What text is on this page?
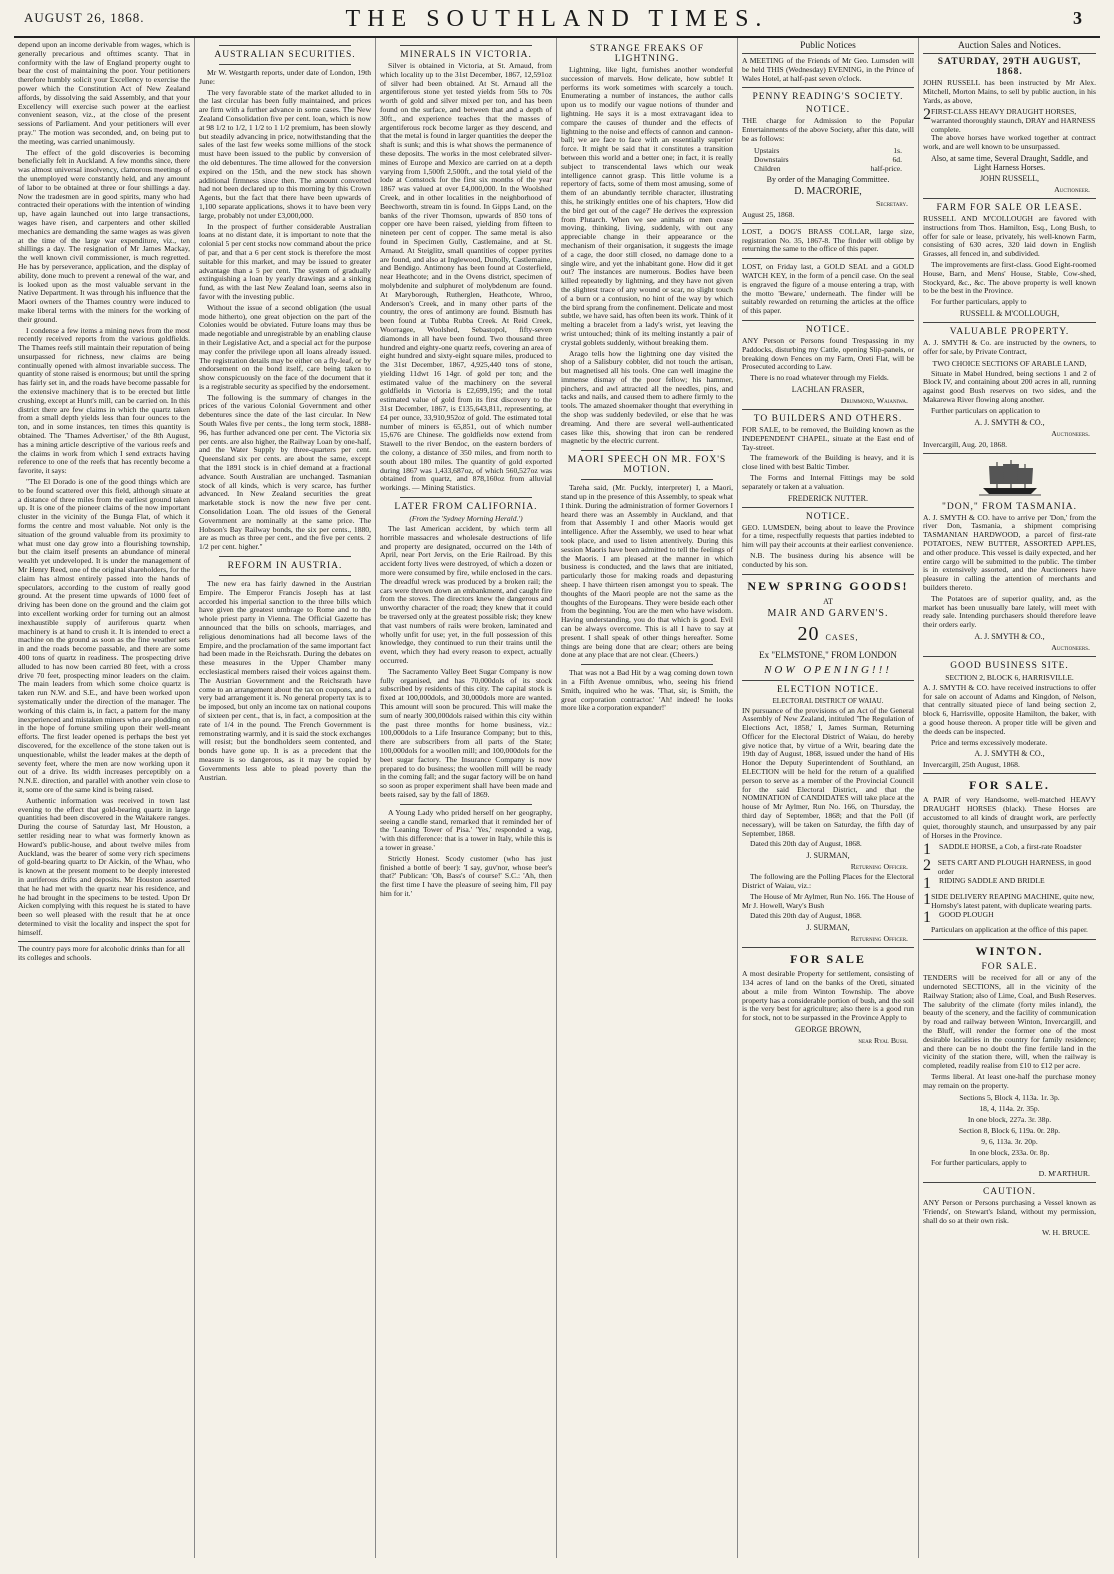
AUGUST 26, 1868.	THE SOUTHLAND TIMES.	3

depend upon an income derivable from wages, which is generally precarious and ofttimes scanty. That in conformity with the law of England property ought to bear the cost of maintaining the poor. Your petitioners therefore humbly solicit your Excellency to exercise the power which the Constitution Act of New Zealand affords, by dissolving the said Assembly, and that your Excellency will exercise such power at the earliest convenient season, viz., at the close of the present sessions of Parliament. And your petitioners will ever pray." The motion was seconded, and, on being put to the meeting, was carried unanimously.

The effect of the gold discoveries is becoming beneficially felt in Auckland. A few months since, there was almost universal insolvency, clamorous meetings of the unemployed were constantly held, and any amount of labor to be obtained at three or four shillings a day. Now the tradesmen are in good spirits, many who had contracted their operations with the intention of winding up, have again launched out into large transactions, wages have risen, and carpenters and other skilled mechanics are demanding the same wages as was given at the time of the large war expenditure, viz., ten shillings a day. The resignation of Mr James Mackay, the well known civil commissioner, is much regretted. He has by perseverance, application, and the display of ability, done much to prevent a renewal of the war, and is looked upon as the most valuable servant in the Native Department. It was through his influence that the Maori owners of the Thames country were induced to make liberal terms with the miners for the working of their ground.

I condense a few items a mining news from the most recently received reports from the various goldfields. The Thames reefs still maintain their reputation of being unsurpassed for richness, new claims are being continually opened with almost invariable success. The quantity of stone raised is enormous; but until the spring has fairly set in, and the roads have become passable for the extensive machinery that is to be erected but little crushing, except at Hunt's mill, can be carried on. In this district there are few claims in which the quartz taken from a small depth yields less than four ounces to the ton, and in some instances, ten times this quantity is obtained. The 'Thames Advertiser,' of the 8th August, has a mining article descriptive of the various reefs and the claims in work from which I send extracts having reference to one of the reefs that has recently become a favorite, it says:

"The El Dorado is one of the good things which are to be found scattered over this field, although situate at a distance of three miles from the earliest ground taken up. It is one of the pioneer claims of the now important cluster in the vicinity of the Bunga Flat, of which it forms the centre and most valuable. Not only is the situation of the ground valuable from its proximity to what must one day grow into a flourishing township, but the claim itself presents an abundance of mineral wealth yet undeveloped. It is under the management of Mr Henry Reed, one of the original shareholders, for the claim has almost entirely passed into the hands of speculators, according to the custom of really good ground. At the present time upwards of 1000 feet of driving has been done on the ground and the claim got into excellent working order for turning out an almost inexhaustible supply of auriferous quartz when machinery is at hand to crush it. It is intended to erect a machine on the ground as soon as the fine weather sets in and the roads become passable, and there are some 400 tons of quartz in readiness. The prospecting drive alluded to has now been carried 80 feet, with a cross drive 70 feet, prospecting minor leaders on the claim. The main leaders from which some choice quartz is taken run N.W. and S.E., and have been worked upon systematically under the direction of the manager. The working of this claim is, in fact, a pattern for the many inexperienced and mistaken miners who are plodding on in the hope of fortune smiling upon their well-meant efforts. The first leader opened is perhaps the best yet discovered, for the excellence of the stone taken out is unquestionable, whilst the leader makes at the depth of seventy feet, where the men are now working upon it out of a drive. Its width increases perceptibly on a N.N.E. direction, and parallel with another vein close to it, some ore of the same kind is being raised.

Authentic information was received in town last evening to the effect that gold-bearing quartz in large quantities had been discovered in the Waitakere ranges. During the course of Saturday last, Mr Houston, a settler residing near to what was formerly known as Howard's public-house, and about twelve miles from Auckland, was the bearer of some very rich specimens of gold-bearing quartz to Dr Aickin, of the Whau, who is known at the present moment to be deeply interested in auriferous drifts and deposits. Mr Houston asserted that he had met with the quartz near his residence, and he had brought in the specimens to be tested. Upon Dr Aicken complying with this request he is stated to have been so well pleased with the result that he at once determined to visit the locality and inspect the spot for himself.

The country pays more for alcoholic drinks than for all its colleges and schools.
AUSTRALIAN SECURITIES.

Mr W. Westgarth reports, under date of London, 19th June:

The very favorable state of the market alluded to in the last circular has been fully maintained, and prices are firm with a further advance in some cases. The New Zealand Consolidation five per cent. loan, which is now at 98 1/2 to 1/2, 1 1/2 to 1 1/2 premium, has been slowly but steadily advancing in price, notwithstanding that the sales of the last few weeks some millions of the stock must have been issued to the public by conversion of the old debentures. The time allowed for the conversion expired on the 15th, and the new stock has shown additional firmness since then. The amount converted had not been declared up to this morning by this Crown Agents, but the fact that there have been upwards of 1,100 separate applications, shows it to have been very large, probably not under £3,000,000.

In the prospect of further considerable Australian loans at no distant date, it is important to note that the colonial 5 per cent stocks now command about the price of par, and that a 6 per cent stock is therefore the most suitable for this market, and may be issued to greater advantage than a 5 per cent. The system of gradually extinguishing a loan by yearly drawings and a sinking fund, as with the last New Zealand loan, seems also in favor with the investing public.

Without the issue of a second obligation (the usual mode hitherto), one great objection on the part of the Colonies would be obviated. Future loans may thus be made negotiable and unregistrable by an enabling clause in their Legislative Act, and a special act for the purpose may confer the privilege upon all loans already issued. The registration details may be either on a fly-leaf, or by endorsement on the bond itself, care being taken to show conspicuously on the face of the document that it is a registrable security as specified by the endorsement.

The following is the summary of changes in the prices of the various Colonial Government and other debentures since the date of the last circular. In New South Wales five per cents., the long term stock, 1888-96, has further advanced one per cent. The Victoria six per cents. are also higher, the Railway Loan by one-half, and the Water Supply by three-quarters per cent. Queensland six per cents. are about the same, except that the 1891 stock is in chief demand at a fractional advance. South Australian are unchanged. Tasmanian stock of all kinds, which is very scarce, has further advanced. In New Zealand securities the great marketable stock is now the new five per cent. Consolidation Loan. The old issues of the General Government are nominally at the same price. The Hobson's Bay Railway bonds, the six per cents., 1880, are as much as three per cent., and the five per cents. 2 1/2 per cent. higher."

REFORM IN AUSTRIA.

The new era has fairly dawned in the Austrian Empire. The Emperor Francis Joseph has at last accorded his imperial sanction to the three bills which have given the greatest umbrage to Rome and to the whole priest party in Vienna. The Official Gazette has announced that the bills on schools, marriages, and religious denominations had all become laws of the Empire, and the proclamation of the same important fact had been made in the Reichsrath. During the debates on these measures in the Upper Chamber many ecclesiastical members raised their voices against them. The Austrian Government and the Reichsrath have come to an arrangement about the tax on coupons, and a very bad arrangement it is. No general property tax is to be imposed, but only an income tax on national coupons of sixteen per cent., that is, in fact, a composition at the rate of 1/4 in the pound. The French Government is remonstrating warmly, and it is said the stock exchanges will resist; but the bondholders seem contented, and bonds have gone up. It is as a precedent that the measure is so dangerous, as it may be copied by Governments less able to plead poverty than the Austrian.

MINERALS IN VICTORIA.

Silver is obtained in Victoria, at St. Arnaud, from which locality up to the 31st December, 1867, 12,591oz of silver had been obtained. At St. Arnaud all the argentiferous stone yet tested yields from 50s to 70s worth of gold and silver mixed per ton, and has been found on the surface, and between that and a depth of 30ft., and experience teaches that the masses of argentiferous rock become larger as they descend, and that the metal is found in larger quantities the deeper the shaft is sunk; and this is what shows the permanence of these deposits. The works in the most celebrated silver-mines of Europe and Mexico are carried on at a depth varying from 1,500ft 2,500ft., and the total yield of the lode at Comstock for the first six months of the year 1867 was valued at over £4,000,000. In the Woolshed Creek, and in other localities in the neighborhood of Beechworth, stream tin is found. In Gipps Land, on the banks of the river Thomson, upwards of 850 tons of copper ore have been raised, yielding from fifteen to nineteen per cent of copper. The same metal is also found in Specimen Gully, Castlemaine, and at St. Arnaud. At Steiglitz, small quantities of copper pyrites are found, and also at Inglewood, Dunolly, Castlemaine, and Bendigo. Antimony has been found at Costerfield, near Heathcote; and in the Ovens district, specimen of molybdenite and sulphuret of molybdenum are found. At Maryborough, Rutherglen, Heathcote, Whroo, Anderson's Creek, and in many other parts of the country, the ores of antimony are found. Bismuth has been found at Tubba Rubba Creek. At Reid Creek, Woorragee, Woolshed, Sebastopol, fifty-seven diamonds in all have been found. Two thousand three hundred and eighty-one quartz reefs, covering an area of eight hundred and sixty-eight square miles, produced to the 31st December, 1867, 4,925,440 tons of stone, yielding 11dwt 16 14gr. of gold per ton; and the estimated value of the machinery on the several goldfields in Victoria is £2,699,195; and the total estimated value of gold from its first discovery to the 31st December, 1867, is £135,643,811, representing, at £4 per ounce, 33,910,952oz of gold. The estimated total number of miners is 65,851, out of which number 15,676 are Chinese. The goldfields now extend from Stawell to the river Bendoc, on the eastern borders of the colony, a distance of 350 miles, and from north to south about 180 miles. The quantity of gold exported during 1867 was 1,433,687oz, of which 560,527oz was obtained from quartz, and 878,160oz from alluvial workings. — Mining Statistics.

LATER FROM CALIFORNIA.
(From the 'Sydney Morning Herald.')

The last American accident, by which term all horrible massacres and wholesale destructions of life and property are designated, occurred on the 14th of April, near Port Jervis, on the Erie Railroad. By this accident forty lives were destroyed, of which a dozen or more were consumed by fire, while enclosed in the cars. The dreadful wreck was produced by a broken rail; the cars were thrown down an embankment, and caught fire from the stoves. The directors knew the dangerous and unworthy character of the road; they knew that it could be traversed only at the greatest possible risk; they knew that vast numbers of rails were broken, laminated and wholly unfit for use; yet, in the full possession of this knowledge, they continued to run their trains until the event, which they had every reason to expect, actually occurred.

The Sacramento Valley Beet Sugar Company is now fully organised, and has 70,000dols of its stock subscribed by residents of this city. The capital stock is fixed at 100,000dols, and 30,000dols more are wanted. This amount will soon be procured. This will make the sum of nearly 300,000dols raised within this city within the past three months for home business, viz.: 100,000dols to a Life Insurance Company; but to this, there are subscribers from all parts of the State; 100,000dols for a woollen mill; and 100,000dols for the beet sugar factory. The Insurance Company is now prepared to do business; the woollen mill will be ready in the coming fall; and the sugar factory will be on hand so soon as proper experiment shall have been made and beets raised, say by the fall of 1869.

A Young Lady who prided herself on her geography, seeing a candle stand, remarked that it reminded her of the 'Leaning Tower of Pisa.' 'Yes,' responded a wag, 'with this difference: that is a tower in Italy, while this is a tower in grease.'

Strictly Honest. Scody customer (who has just finished a bottle of beer): 'I say, guv'nor, whose beer's that?' Publican: 'Oh, Bass's of course!' S.C.: 'Ah, then the first time I have the pleasure of seeing him, I'll pay him for it.'

STRANGE FREAKS OF LIGHTNING.

Lightning, like light, furnishes another wonderful succession of marvels. How delicate, how subtle! It performs its work sometimes with scarcely a touch. Enumerating a number of instances, the author calls upon us to modify our vague notions of thunder and lightning. He says it is a most extravagant idea to compare the causes of thunder and the effects of lightning to the noise and effects of cannon and cannon-ball; we are face to face with an essentially superior force. It might be said that it constitutes a transition between this world and a better one; in fact, it is really subject to transcendental laws which our weak intelligence cannot grasp. This little volume is a repertory of facts, some of them most amusing, some of them of an abundantly terrible character, illustrating this, he strikingly entitles one of his chapters, 'How did the bird get out of the cage?' He derives the expression from Plutarch. When we see animals or men cease moving, thinking, living, suddenly, with out any appreciable change in their appearance or the mechanism of their organisation, it suggests the image of a cage, the door still closed, no damage done to a single wire, and yet the inhabitant gone. How did it get out? The instances are numerous. Bodies have been killed repeatedly by lightning, and they have not given the slightest trace of any wound or scar, no slight touch of a burn or a contusion, no hint of the way by which the bird sprang from the confinement. Delicate and most subtle, we have said, has often been its work. Think of it melting a bracelet from a lady's wrist, yet leaving the wrist untouched; think of its melting instantly a pair of crystal goblets suddenly, without breaking them.

Arago tells how the lightning one day visited the shop of a Salisbury cobbler, did not touch the artisan, but magnetised all his tools. One can well imagine the immense dismay of the poor fellow; his hammer, pinchers, and awl attracted all the needles, pins, and tacks and nails, and caused them to adhere firmly to the tools. The amazed shoemaker thought that everything in the shop was suddenly bedeviled, or else that he was dreaming. And there are several well-authenticated cases like this, showing that iron can be rendered magnetic by the electric current.

MAORI SPEECH ON MR. FOX'S MOTION.

Tareha said, (Mr. Puckly, interpreter) I, a Maori, stand up in the presence of this Assembly, to speak what I think. During the administration of former Governors I heard there was an Assembly in Auckland, and that from that Assembly I and other Maoris would get intelligence. After the Assembly, we used to hear what took place, and used to listen attentively. During this session Maoris have been admitted to tell the feelings of the Maoris. I am pleased at the manner in which business is conducted, and the laws that are initiated, particularly those for making roads and depasturing sheep. I have thirteen risen amongst you to speak. The thoughts of the Maori people are not the same as the thoughts of the Europeans. They were beside each other from the beginning. You are the men who have wisdom. Having understanding, you do that which is good. Evil can be always overcome. This is all I have to say at present. I shall speak of other things hereafter. Some things are being done that are clear; others are being done at any place that are not clear. (Cheers.)

That was not a Bad Hit by a wag coming down town in a Fifth Avenue omnibus, who, seeing his friend Smith, inquired who he was. 'That, sir, is Smith, the great corporation contractor.' 'Ah! indeed! he looks more like a corporation expander!'

Public Notices

A MEETING of the Friends of Mr Geo. Lumsden will be held THIS (Wednesday) EVENING, in the Prince of Wales Hotel, at half-past seven o'clock.

PENNY READING'S SOCIETY.
NOTICE.

THE charge for Admission to the Popular Entertainments of the above Society, after this date, will be as follows:

Upstairs	1s.
Downstairs	6d.
Children	half-price.
By order of the Managing Committee.
D. MACRORIE,
Secretary.
August 25, 1868.

LOST, a DOG'S BRASS COLLAR, large size, registration No. 35, 1867-8. The finder will oblige by returning the same to the office of this paper.

LOST, on Friday last, a GOLD SEAL and a GOLD WATCH KEY, in the form of a pencil case. On the seal is engraved the figure of a mouse entering a trap, with the motto 'Beware,' underneath. The finder will be suitably rewarded on returning the articles at the office of this paper.

NOTICE.

ANY Person or Persons found Trespassing in my Paddocks, disturbing my Cattle, opening Slip-panels, or breaking down Fences on my Farm, Oreti Flat, will be Prosecuted according to Law.

There is no road whatever through my Fields.

LACHLAN FRASER,
Drummond, Waianiwa.
TO BUILDERS AND OTHERS.

FOR SALE, to be removed, the Building known as the INDEPENDENT CHAPEL, situate at the East end of Tay-street.

The framework of the Building is heavy, and it is close lined with best Baltic Timber.

The Forms and Internal Fittings may be sold separately or taken at a valuation.

FREDERICK NUTTER.
NOTICE.

GEO. LUMSDEN, being about to leave the Province for a time, respectfully requests that parties indebted to him will pay their accounts at their earliest convenience.

N.B. The business during his absence will be conducted by his son.

NEW SPRING GOODS!
AT
MAIR AND GARVEN'S.
20 CASES,
Ex "ELMSTONE," FROM LONDON
NOW OPENING!!!
ELECTION NOTICE.
ELECTORAL DISTRICT OF WAIAU.

IN pursuance of the provisions of an Act of the General Assembly of New Zealand, intituled 'The Regulation of Elections Act, 1858,' I, James Surman, Returning Officer for the Electoral District of Waiau, do hereby give notice that, by virtue of a Writ, bearing date the 19th day of August, 1868, issued under the hand of His Honor the Deputy Superintendent of Southland, an ELECTION will be held for the return of a qualified person to serve as a member of the Provincial Council for the said Electoral District, and that the NOMINATION of CANDIDATES will take place at the house of Mr Aylmer, Run No. 166, on Thursday, the third day of September, 1868; and that the Poll (if necessary), will be taken on Saturday, the fifth day of September, 1868.

Dated this 20th day of August, 1868.

J. SURMAN,
Returning Officer.

The following are the Polling Places for the Electoral District of Waiau, viz.:

The House of Mr Aylmer, Run No. 166. The House of Mr J. Howell, Wary's Bush

Dated this 20th day of August, 1868.

J. SURMAN,
Returning Officer.
FOR SALE

A most desirable Property for settlement, consisting of 134 acres of land on the banks of the Oreti, situated about a mile from Winton Township. The above property has a considerable portion of bush, and the soil is the very best for agriculture; also there is a good run for stock, not to be surpassed in the Province Apply to

GEORGE BROWN,
near Ryal Bush.
Auction Sales and Notices.
SATURDAY, 29TH AUGUST, 1868.

JOHN RUSSELL has been instructed by Mr Alex. Mitchell, Morton Mains, to sell by public auction, in his Yards, as above,

2 FIRST-CLASS HEAVY DRAUGHT HORSES, warranted thoroughly staunch, DRAY and HARNESS complete.

The above horses have worked together at contract work, and are well known to be unsurpassed.

Also, at same time, Several Draught, Saddle, and Light Harness Horses.
JOHN RUSSELL,
Auctioneer.
FARM FOR SALE OR LEASE.

RUSSELL AND M'COLLOUGH are favored with instructions from Thos. Hamilton, Esq., Long Bush, to offer for sale or lease, privately, his well-known Farm, consisting of 630 acres, 320 laid down in English Grasses, all fenced in, and subdivided.

The improvements are first-class. Good Eight-roomed House, Barn, and Mens' House, Stable, Cow-shed, Stockyard, &c., &c. The above property is well known to be the best in the Province.

For further particulars, apply to

RUSSELL & M'COLLOUGH,
VALUABLE PROPERTY.

A. J. SMYTH & Co. are instructed by the owners, to offer for sale, by Private Contract,

TWO CHOICE SECTIONS OF ARABLE LAND,

Situate in Mabel Hundred, being sections 1 and 2 of Block IV, and containing about 200 acres in all, running against good Bush reserves on two sides, and the Makarewa River flowing along another.

Further particulars on application to

A. J. SMYTH & CO.,
Auctioneers.
Invercargill, Aug. 20, 1868.
"DON," FROM TASMANIA.

A. J. SMYTH & CO. have to arrive per 'Don,' from the river Don, Tasmania, a shipment comprising TASMANIAN HARDWOOD, a parcel of first-rate POTATOES, NEW BUTTER, ASSORTED APPLES, and other produce. This vessel is daily expected, and her entire cargo will be submitted to the public. The timber is in extensively assorted, and the Auctioneers have pleasure in calling the attention of merchants and builders thereto.

The Potatoes are of superior quality, and, as the market has been unusually bare lately, will meet with ready sale. Intending purchasers should therefore leave their orders early.

A. J. SMYTH & CO.,
Auctioneers.
GOOD BUSINESS SITE.
SECTION 2, BLOCK 6, HARRISVILLE.

A. J. SMYTH & CO. have received instructions to offer for sale on account of Adams and Kingdon, of Nelson, that centrally situated piece of land being section 2, block 6, Harrisville, opposite Hamilton, the baker, with a good house thereon. A proper title will be given and the deeds can be inspected.

Price and terms excessively moderate.

A. J. SMYTH & CO.,
Invercargill, 25th August, 1868.
FOR SALE.

A PAIR of very Handsome, well-matched HEAVY DRAUGHT HORSES (black). These Horses are accustomed to all kinds of draught work, are perfectly quiet, thoroughly staunch, and unsurpassed by any pair of Horses in the Province.

1	SADDLE HORSE, a Cob, a first-rate Roadster
2 SETS CART AND PLOUGH HARNESS, in good order
1	RIDING SADDLE AND BRIDLE
1 SIDE DELIVERY REAPING MACHINE, quite new, Hornsby's latest patent, with duplicate wearing parts.
1	GOOD PLOUGH

Particulars on application at the office of this paper.

WINTON.
FOR SALE.

TENDERS will be received for all or any of the undernoted SECTIONS, all in the vicinity of the Railway Station; also of Lime, Coal, and Bush Reserves. The salubrity of the climate (forty miles inland), the beauty of the scenery, and the facility of communication by road and railway between Winton, Invercargill, and the Bluff, will render the former one of the most desirable localities in the country for family residence; and there can be no doubt the fine fertile land in the vicinity of the station there, will, when the railway is completed, readily realise from £10 to £12 per acre.

Terms liberal. At least one-half the purchase money may remain on the property.

Sections 5, Block 4, 113a. 1r. 3p.
18, 4, 114a. 2r. 35p.
In one block, 227a. 3r. 38p.
Section 8, Block 6, 119a. 0r. 28p.
9, 6, 113a. 3r. 20p.
In one block, 233a. 0r. 8p.

For further particulars, apply to

D. M'ARTHUR.
CAUTION.

ANY Person or Persons purchasing a Vessel known as 'Friends', on Stewart's Island, without my permission, shall do so at their own risk.

W. H. BRUCE.
